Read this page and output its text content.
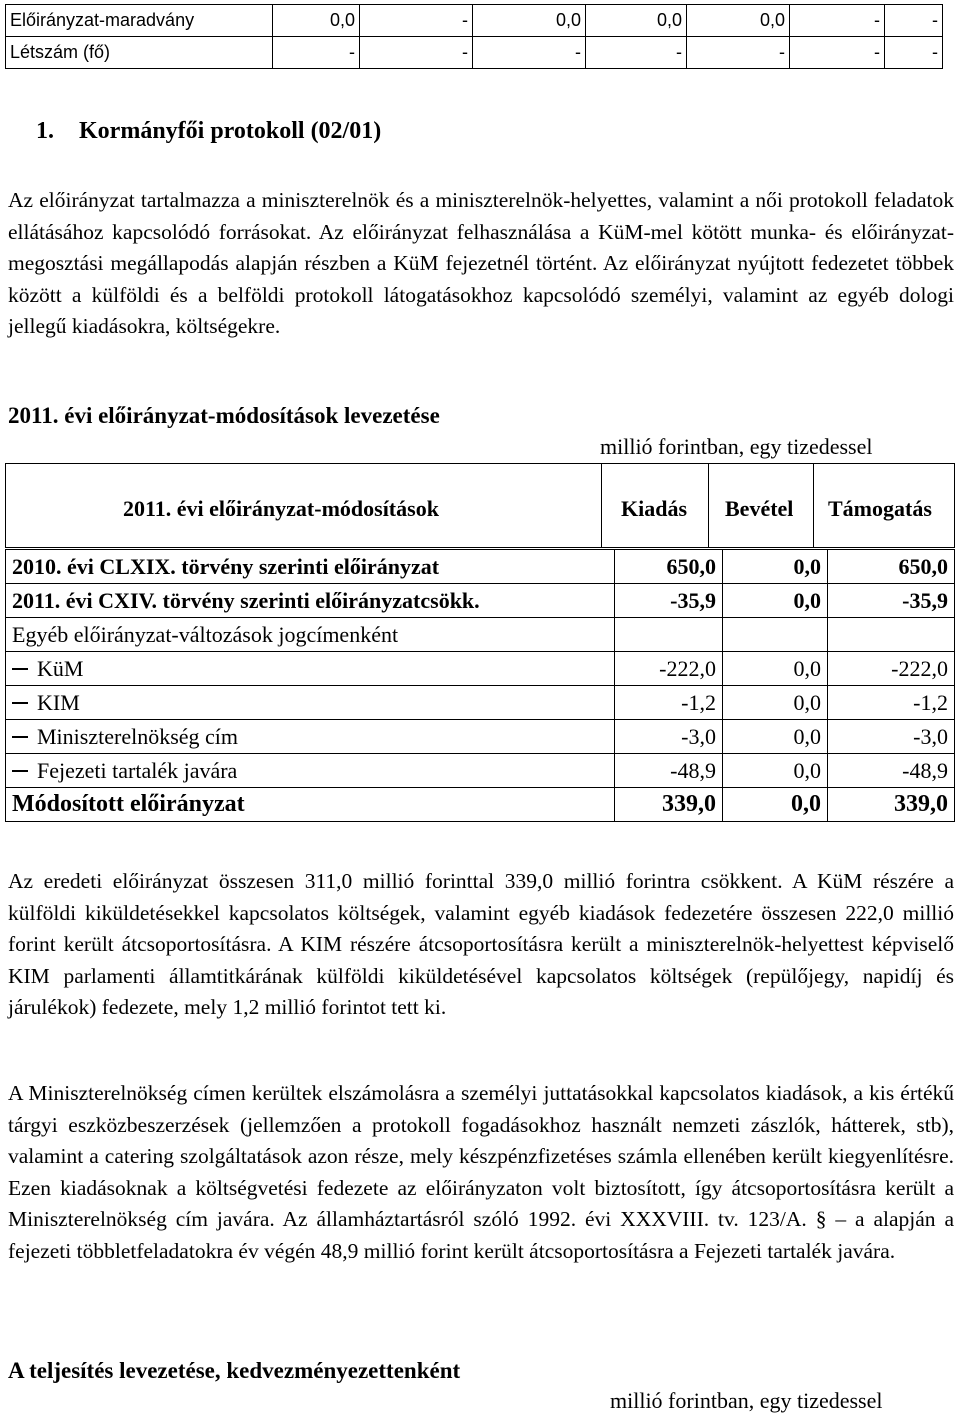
Előirányzat-maradvány	0,0	-	0,0	0,0	0,0	-	-
Létszám (fő)	-	-	-	-	-	-	-
1. Kormányfői protokoll (02/01)

Az előirányzat tartalmazza a miniszterelnök és a miniszterelnök-helyettes, valamint a női protokoll feladatok ellátásához kapcsolódó forrásokat. Az előirányzat felhasználása a KüM-mel kötött munka- és előirányzat-megosztási megállapodás alapján részben a KüM fejezetnél történt. Az előirányzat nyújtott fedezetet többek között a külföldi és a belföldi protokoll látogatásokhoz kapcsolódó személyi, valamint az egyéb dologi jellegű kiadásokra, költségekre.

2011. évi előirányzat-módosítások levezetése
millió forintban, egy tizedessel
2011. évi előirányzat-módosítások	Kiadás Bevétel Támogatás
2010. évi CLXIX. törvény szerinti előirányzat	650,0	0,0	650,0
2011. évi CXIV. törvény szerinti előirányzatcsökk.	-35,9	0,0	-35,9
Egyéb előirányzat-változások jogcímenként			
KüM	-222,0	0,0	-222,0
KIM	-1,2	0,0	-1,2
Miniszterelnökség cím	-3,0	0,0	-3,0
Fejezeti tartalék javára	-48,9	0,0	-48,9
Módosított előirányzat	339,0	0,0	339,0

Az eredeti előirányzat összesen 311,0 millió forinttal 339,0 millió forintra csökkent. A KüM részére a külföldi kiküldetésekkel kapcsolatos költségek, valamint egyéb kiadások fedezetére összesen 222,0 millió forint került átcsoportosításra. A KIM részére átcsoportosításra került a miniszterelnök-helyettest képviselő KIM parlamenti államtitkárának külföldi kiküldetésével kapcsolatos költségek (repülőjegy, napidíj és járulékok) fedezete, mely 1,2 millió forintot tett ki.

A Miniszterelnökség címen kerültek elszámolásra a személyi juttatásokkal kapcsolatos kiadások, a kis értékű tárgyi eszközbeszerzések (jellemzően a protokoll fogadásokhoz használt nemzeti zászlók, hátterek, stb), valamint a catering szolgáltatások azon része, mely készpénzfizetéses számla ellenében került kiegyenlítésre. Ezen kiadásoknak a költségvetési fedezete az előirányzaton volt biztosított, így átcsoportosításra került a Miniszterelnökség cím javára. Az államháztartásról szóló 1992. évi XXXVIII. tv. 123/A. § – a alapján a fejezeti többletfeladatokra év végén 48,9 millió forint került átcsoportosításra a Fejezeti tartalék javára.

A teljesítés levezetése, kedvezményezettenként
millió forintban, egy tizedessel
